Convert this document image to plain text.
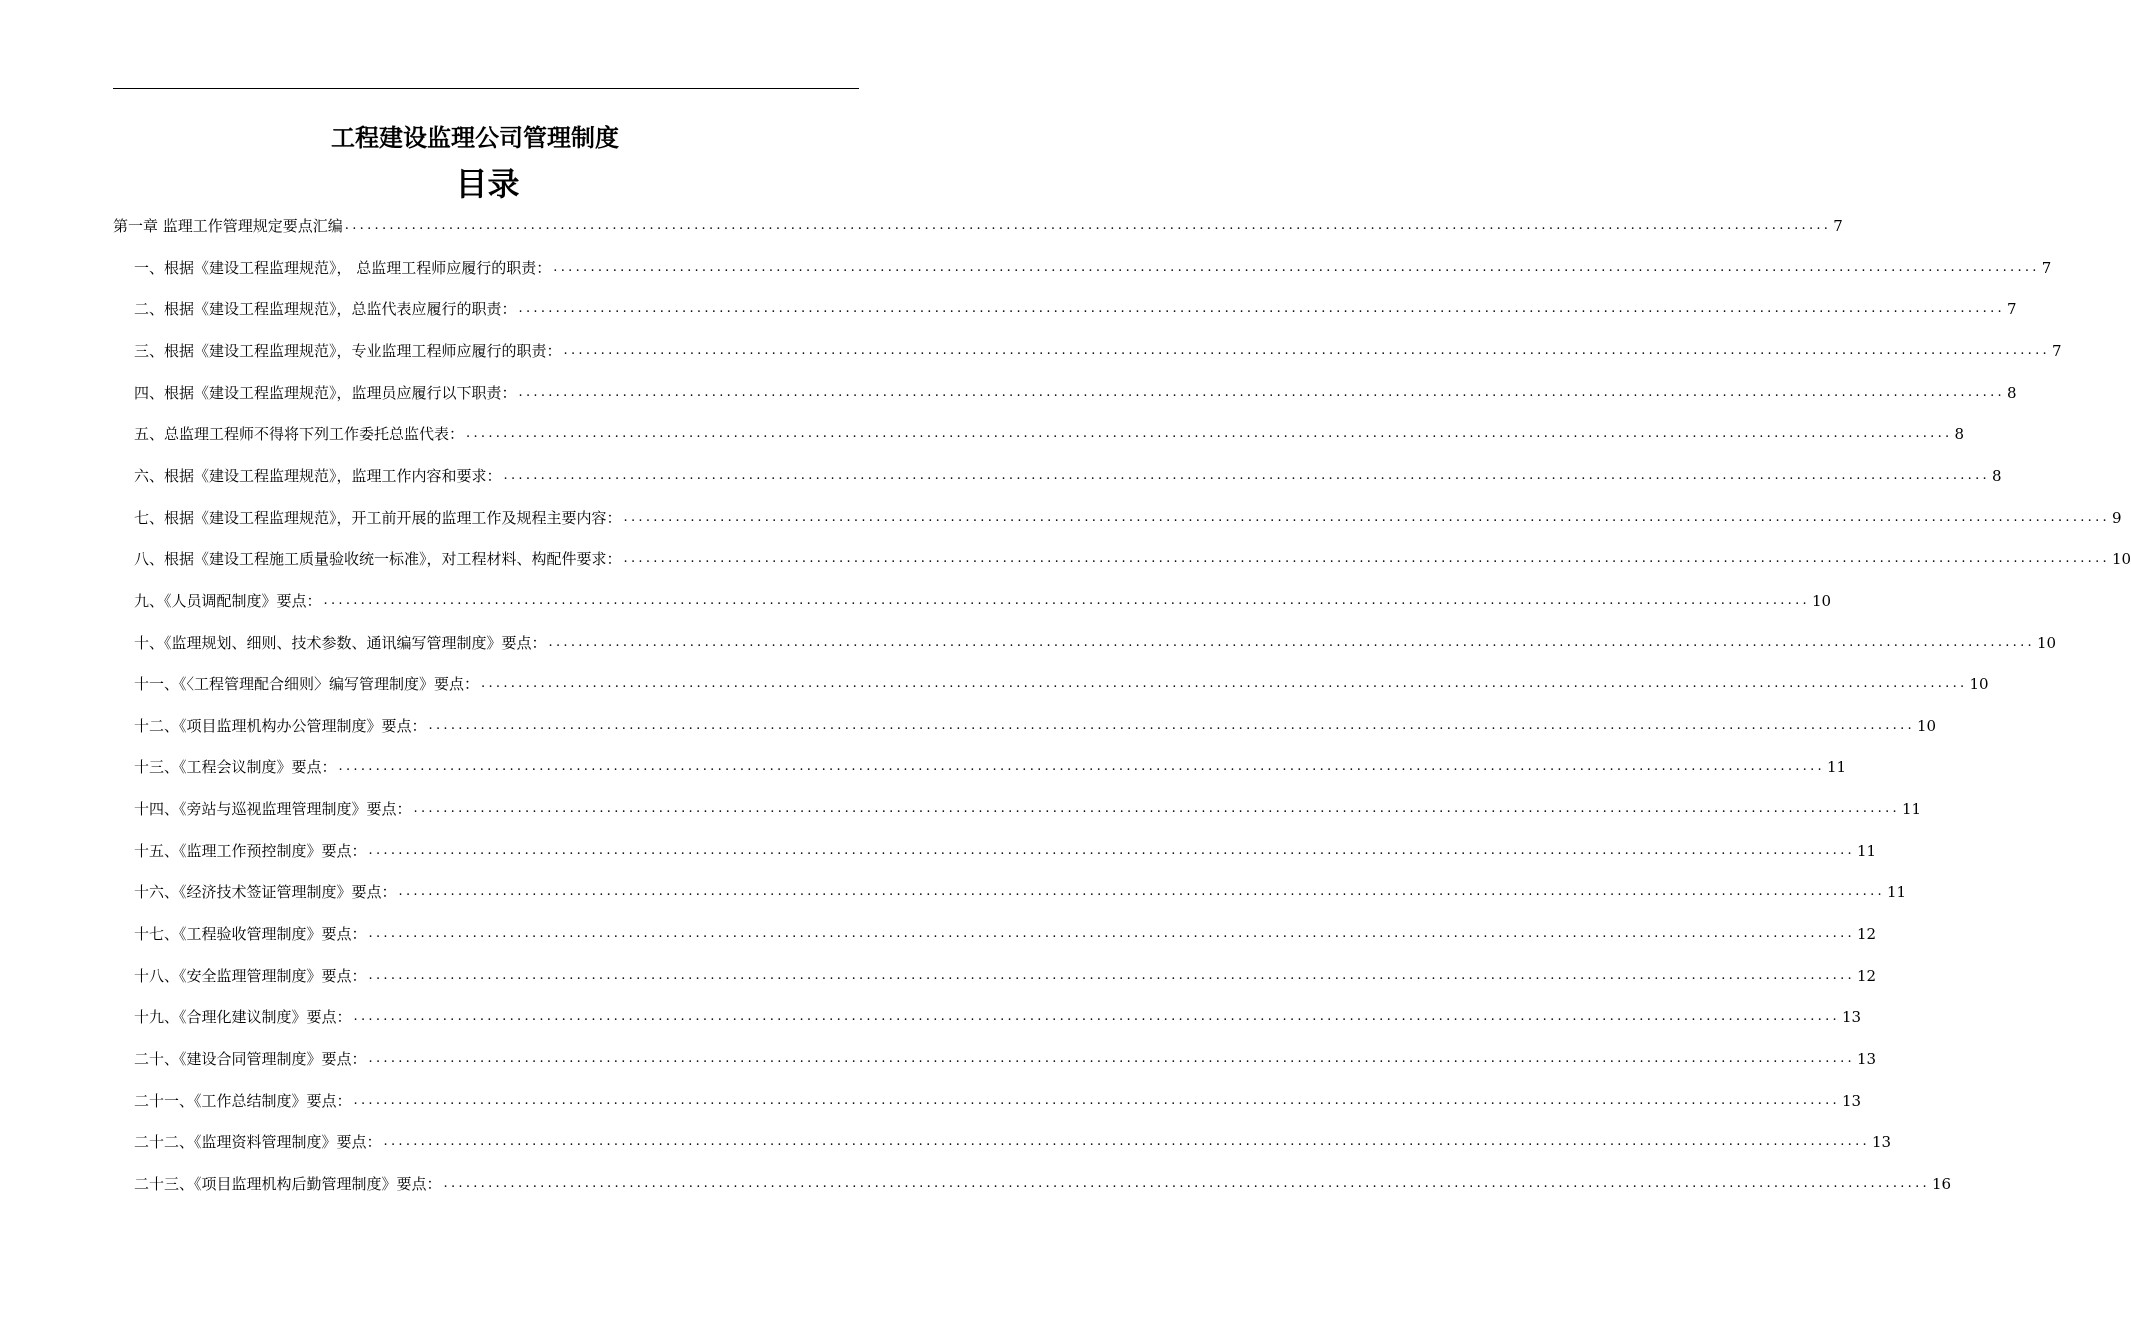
工程建设监理公司管理制度
目录
第一章 监理工作管理规定要点汇编 ........................................................................................................................................................................................................ 7
一、根据《建设工程监理规范》， 总监理工程师应履行的职责： ........................................................................................................................................................................................................ 7
二、根据《建设工程监理规范》，总监代表应履行的职责： ........................................................................................................................................................................................................ 7
三、根据《建设工程监理规范》，专业监理工程师应履行的职责： ........................................................................................................................................................................................................ 7
四、根据《建设工程监理规范》，监理员应履行以下职责： ........................................................................................................................................................................................................ 8
五、总监理工程师不得将下列工作委托总监代表： ........................................................................................................................................................................................................ 8
六、根据《建设工程监理规范》，监理工作内容和要求： ........................................................................................................................................................................................................ 8
七、根据《建设工程监理规范》，开工前开展的监理工作及规程主要内容： ........................................................................................................................................................................................................ 9
八、根据《建设工程施工质量验收统一标准》，对工程材料、构配件要求： ........................................................................................................................................................................................................ 10
九、《人员调配制度》要点： ........................................................................................................................................................................................................ 10
十、《监理规划、细则、技术参数、通讯编写管理制度》要点： ........................................................................................................................................................................................................ 10
十一、《〈工程管理配合细则〉编写管理制度》要点： ........................................................................................................................................................................................................ 10
十二、《项目监理机构办公管理制度》要点： ........................................................................................................................................................................................................ 10
十三、《工程会议制度》要点： ........................................................................................................................................................................................................ 11
十四、《旁站与巡视监理管理制度》要点： ........................................................................................................................................................................................................ 11
十五、《监理工作预控制度》要点： ........................................................................................................................................................................................................ 11
十六、《经济技术签证管理制度》要点： ........................................................................................................................................................................................................ 11
十七、《工程验收管理制度》要点： ........................................................................................................................................................................................................ 12
十八、《安全监理管理制度》要点： ........................................................................................................................................................................................................ 12
十九、《合理化建议制度》要点： ........................................................................................................................................................................................................ 13
二十、《建设合同管理制度》要点： ........................................................................................................................................................................................................ 13
二十一、《工作总结制度》要点： ........................................................................................................................................................................................................ 13
二十二、《监理资料管理制度》要点： ........................................................................................................................................................................................................ 13
二十三、《项目监理机构后勤管理制度》要点： ........................................................................................................................................................................................................ 16
